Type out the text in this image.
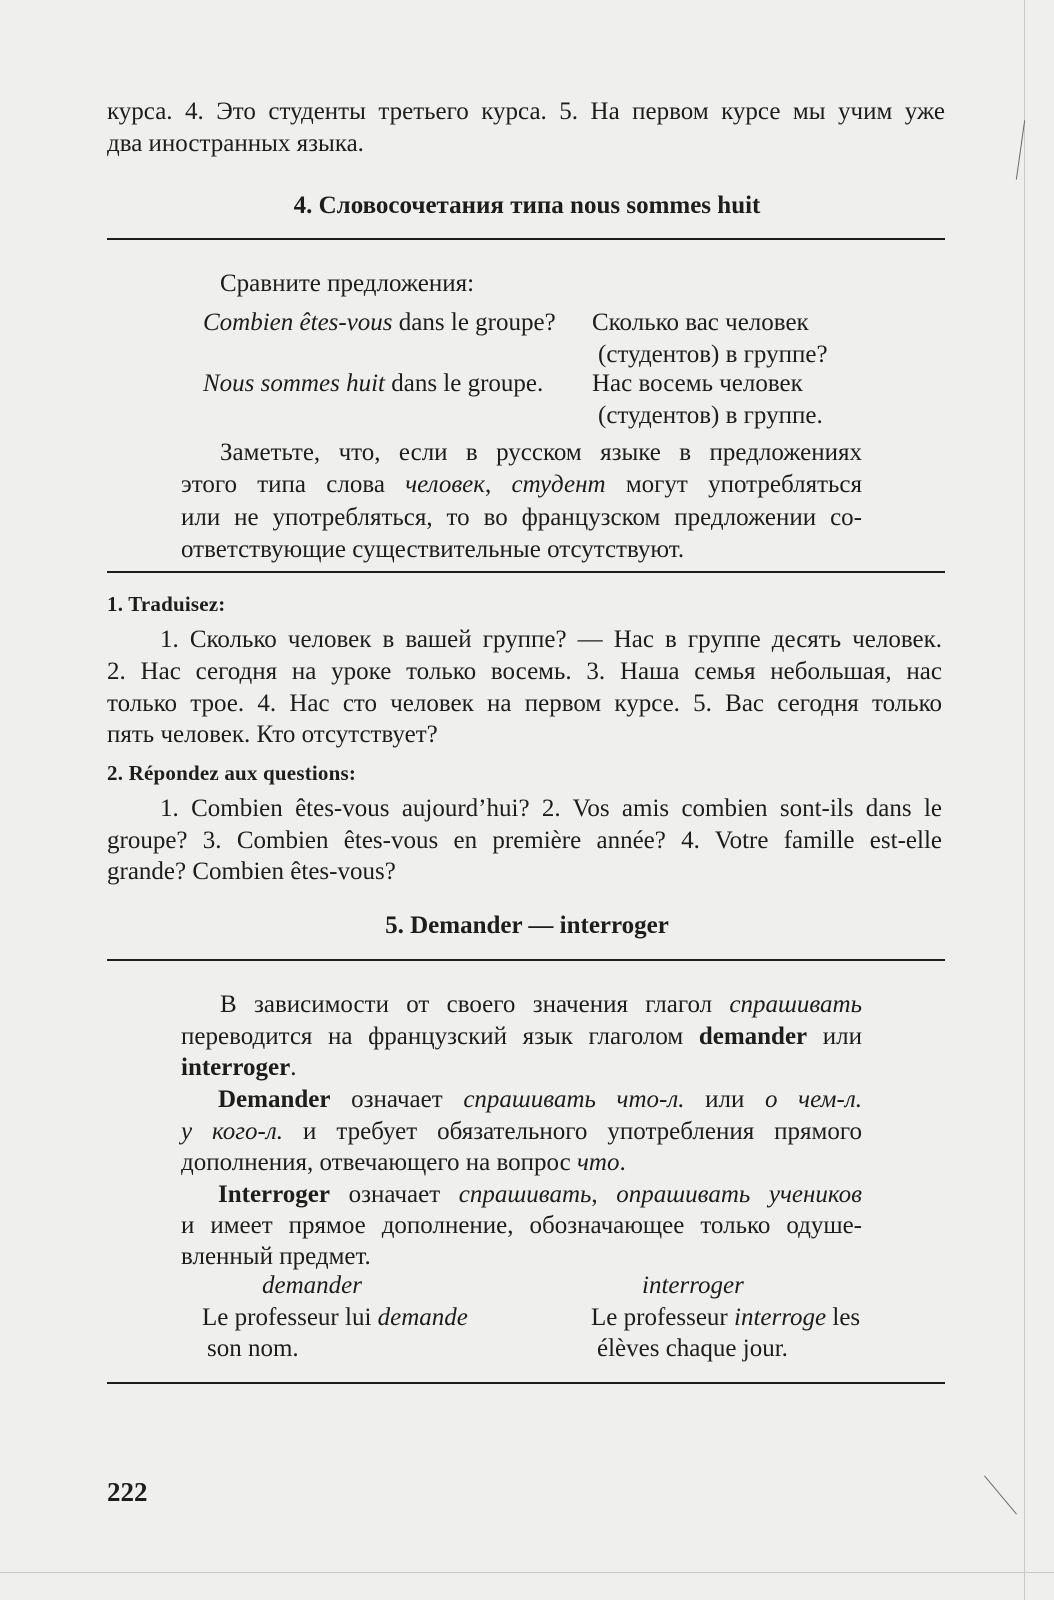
курса. 4. Это студенты третьего курса. 5. На первом курсе мы учим уже
два иностранных языка.
4. Словосочетания типа nous sommes huit
Сравните предложения:
Combien êtes-vous dans le groupe? Сколько вас человек
(студентов) в группе?
Nous sommes huit dans le groupe. Нас восемь человек
(студентов) в группе.
Заметьте, что, если в русском языке в предложениях
этого типа слова человек, студент могут употребляться
или не употребляться, то во французском предложении со-
ответствующие существительные отсутствуют.
1. Traduisez:
1. Сколько человек в вашей группе? — Нас в группе десять человек.
2. Нас сегодня на уроке только восемь. 3. Наша семья небольшая, нас
только трое. 4. Нас сто человек на первом курсе. 5. Вас сегодня только
пять человек. Кто отсутствует?
2. Répondez aux questions:
1. Combien êtes-vous aujourd’hui? 2. Vos amis combien sont-ils dans le
groupe? 3. Combien êtes-vous en première année? 4. Votre famille est-elle
grande? Combien êtes-vous?
5. Demander — interroger
В зависимости от своего значения глагол спрашивать
переводится на французский язык глаголом demander или
interroger.
Demander означает спрашивать что-л. или о чем-л.
у кого-л. и требует обязательного употребления прямого
дополнения, отвечающего на вопрос что.
Interroger означает спрашивать, опрашивать учеников
и имеет прямое дополнение, обозначающее только одуше-
вленный предмет.
demander	interroger
Le professeur lui demande
son nom.
Le professeur interroge les
élèves chaque jour.
222
